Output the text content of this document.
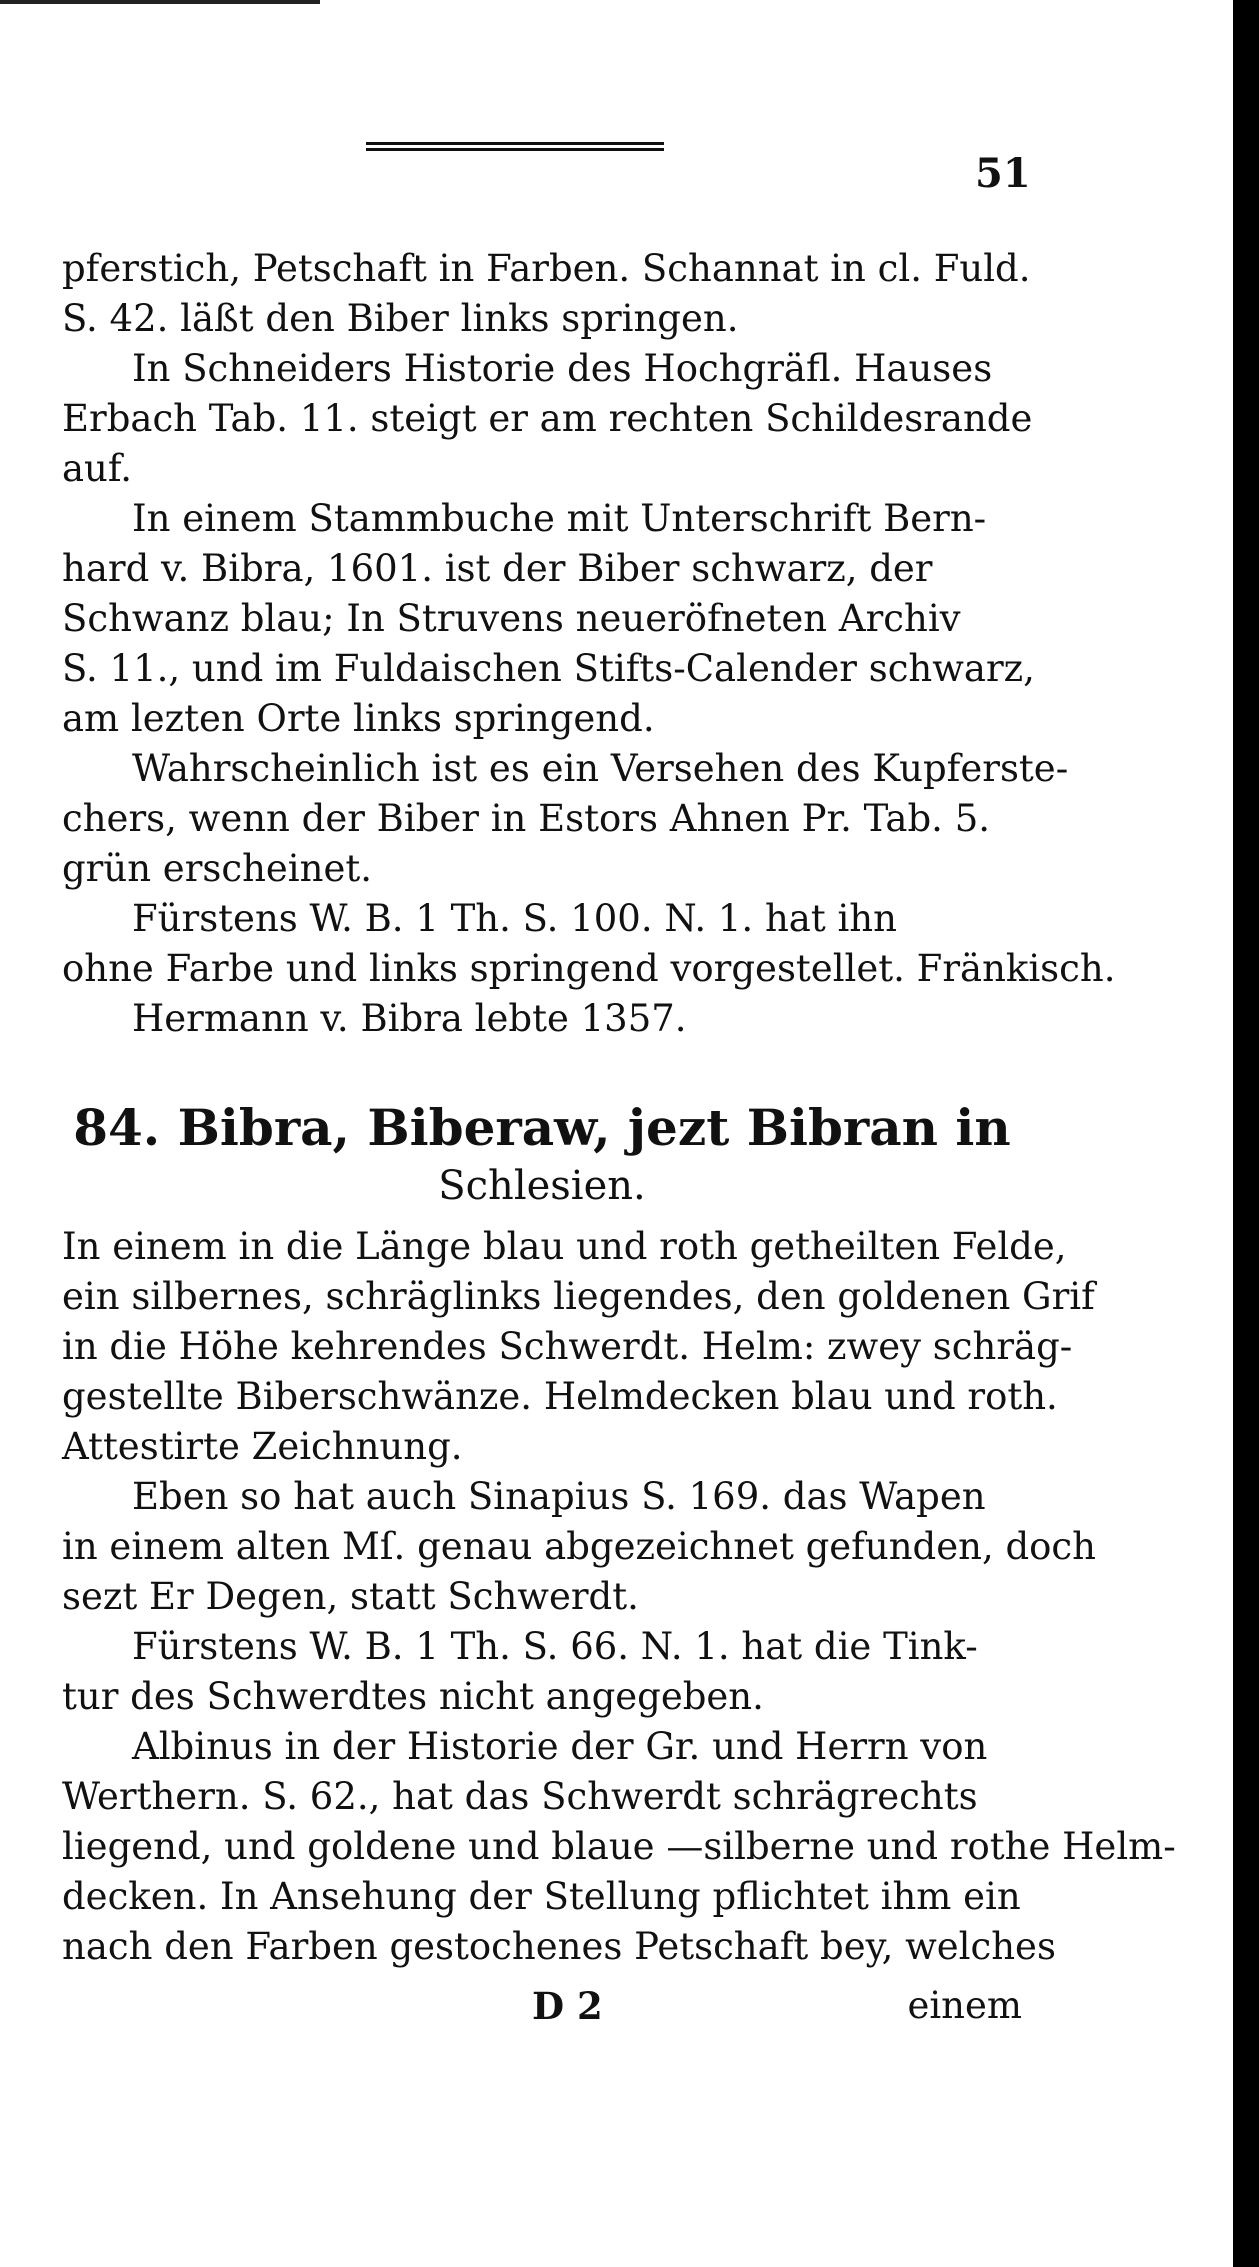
51
pferstich, Petschaft in Farben. Schannat in cl. Fuld.
S. 42. läßt den Biber links springen.
In Schneiders Historie des Hochgräfl. Hauses
Erbach Tab. 11. steigt er am rechten Schildesrande
auf.
In einem Stammbuche mit Unterschrift Bern-
hard v. Bibra, 1601. ist der Biber schwarz, der
Schwanz blau; In Struvens neueröfneten Archiv
S. 11., und im Fuldaischen Stifts-Calender schwarz,
am lezten Orte links springend.
Wahrscheinlich ist es ein Versehen des Kupferste-
chers, wenn der Biber in Estors Ahnen Pr. Tab. 5.
grün erscheinet.
Fürstens W. B. 1 Th. S. 100. N. 1. hat ihn
ohne Farbe und links springend vorgestellet. Fränkisch.
Hermann v. Bibra lebte 1357.
84. Bibra, Biberaw, jezt Bibran in
Schlesien.
In einem in die Länge blau und roth getheilten Felde,
ein silbernes, schräglinks liegendes, den goldenen Grif
in die Höhe kehrendes Schwerdt. Helm: zwey schräg-
gestellte Biberschwänze. Helmdecken blau und roth.
Attestirte Zeichnung.
Eben so hat auch Sinapius S. 169. das Wapen
in einem alten Mſ. genau abgezeichnet gefunden, doch
sezt Er Degen, statt Schwerdt.
Fürstens W. B. 1 Th. S. 66. N. 1. hat die Tink-
tur des Schwerdtes nicht angegeben.
Albinus in der Historie der Gr. und Herrn von
Werthern. S. 62., hat das Schwerdt schrägrechts
liegend, und goldene und blaue —silberne und rothe Helm-
decken. In Ansehung der Stellung pflichtet ihm ein
nach den Farben gestochenes Petschaft bey, welches
D 2	einem
